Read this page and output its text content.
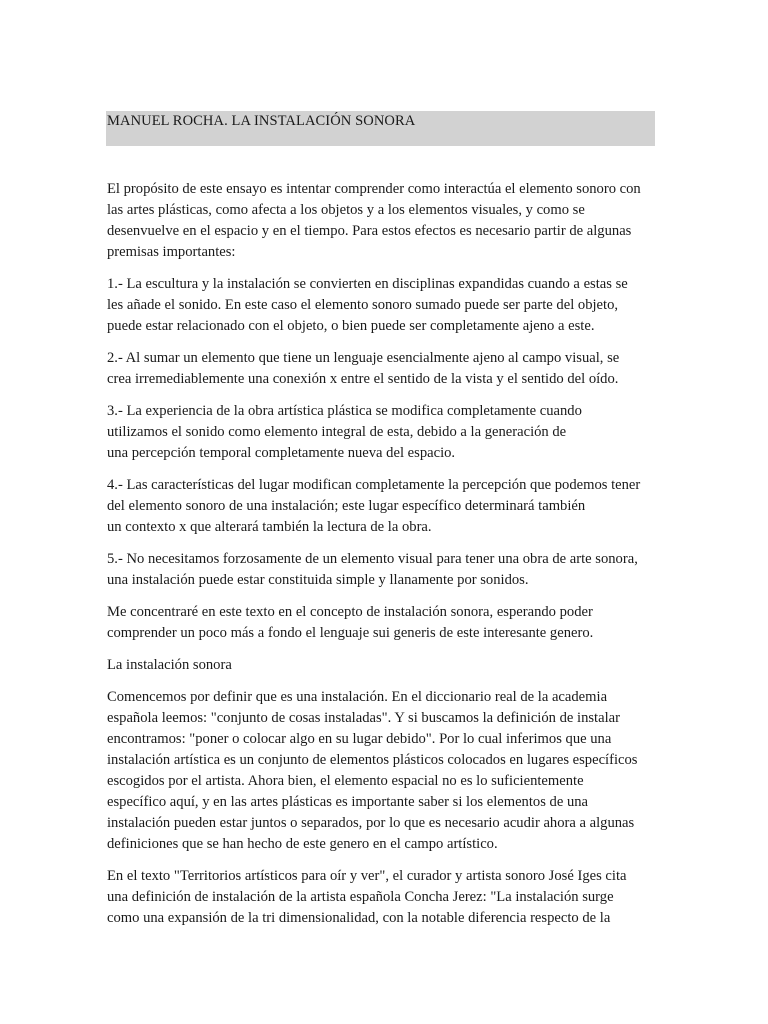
MANUEL ROCHA. LA INSTALACIÓN SONORA

El propósito de este ensayo es intentar comprender como interactúa el elemento sonoro con
las artes plásticas, como afecta a los objetos y a los elementos visuales, y como se
desenvuelve en el espacio y en el tiempo. Para estos efectos es necesario partir de algunas
premisas importantes:

1.- La escultura y la instalación se convierten en disciplinas expandidas cuando a estas se
les añade el sonido. En este caso el elemento sonoro sumado puede ser parte del objeto,
puede estar relacionado con el objeto, o bien puede ser completamente ajeno a este.

2.- Al sumar un elemento que tiene un lenguaje esencialmente ajeno al campo visual, se
crea irremediablemente una conexión x entre el sentido de la vista y el sentido del oído.

3.- La experiencia de la obra artística plástica se modifica completamente cuando
utilizamos el sonido como elemento integral de esta, debido a la generación de
una percepción temporal completamente nueva del espacio.

4.- Las características del lugar modifican completamente la percepción que podemos tener
del elemento sonoro de una instalación; este lugar específico determinará también
un contexto x que alterará también la lectura de la obra.

5.- No necesitamos forzosamente de un elemento visual para tener una obra de arte sonora,
una instalación puede estar constituida simple y llanamente por sonidos.

Me concentraré en este texto en el concepto de instalación sonora, esperando poder
comprender un poco más a fondo el lenguaje sui generis de este interesante genero.

La instalación sonora

Comencemos por definir que es una instalación. En el diccionario real de la academia
española leemos: "conjunto de cosas instaladas". Y si buscamos la definición de instalar
encontramos: "poner o colocar algo en su lugar debido". Por lo cual inferimos que una
instalación artística es un conjunto de elementos plásticos colocados en lugares específicos
escogidos por el artista. Ahora bien, el elemento espacial no es lo suficientemente
específico aquí, y en las artes plásticas es importante saber si los elementos de una
instalación pueden estar juntos o separados, por lo que es necesario acudir ahora a algunas
definiciones que se han hecho de este genero en el campo artístico.

En el texto "Territorios artísticos para oír y ver", el curador y artista sonoro José Iges cita
una definición de instalación de la artista española Concha Jerez: "La instalación surge
como una expansión de la tri dimensionalidad, con la notable diferencia respecto de la
